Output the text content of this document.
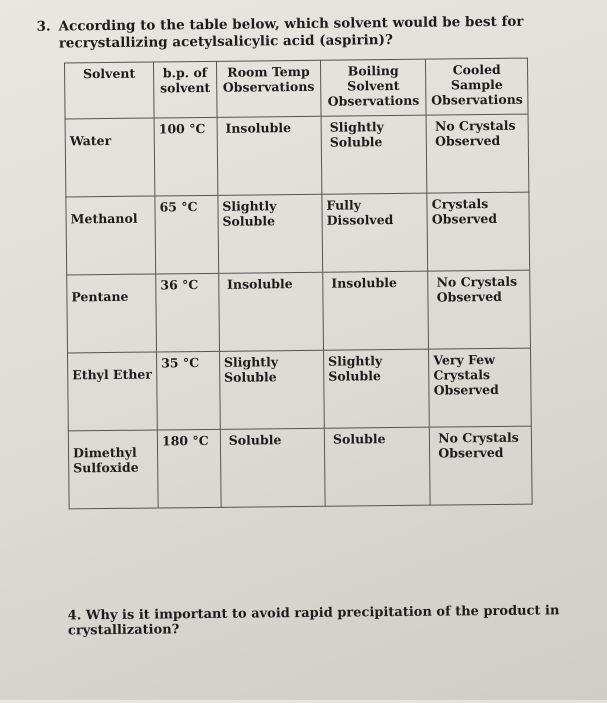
3. According to the table below, which solvent would be best for recrystallizing acetylsalicylic acid (aspirin)?
Solvent	b.p. of solvent	Room Temp Observations	Boiling Solvent Observations	Cooled Sample Observations
Water	100 °C	Insoluble	Slightly Soluble	No Crystals Observed
Methanol	65 °C	Slightly Soluble	Fully Dissolved	Crystals Observed
Pentane	36 °C	Insoluble	Insoluble	No Crystals Observed
Ethyl Ether	35 °C	Slightly Soluble	Slightly Soluble	Very Few Crystals Observed
Dimethyl Sulfoxide	180 °C	Soluble	Soluble	No Crystals Observed
4. Why is it important to avoid rapid precipitation of the product in crystallization?
